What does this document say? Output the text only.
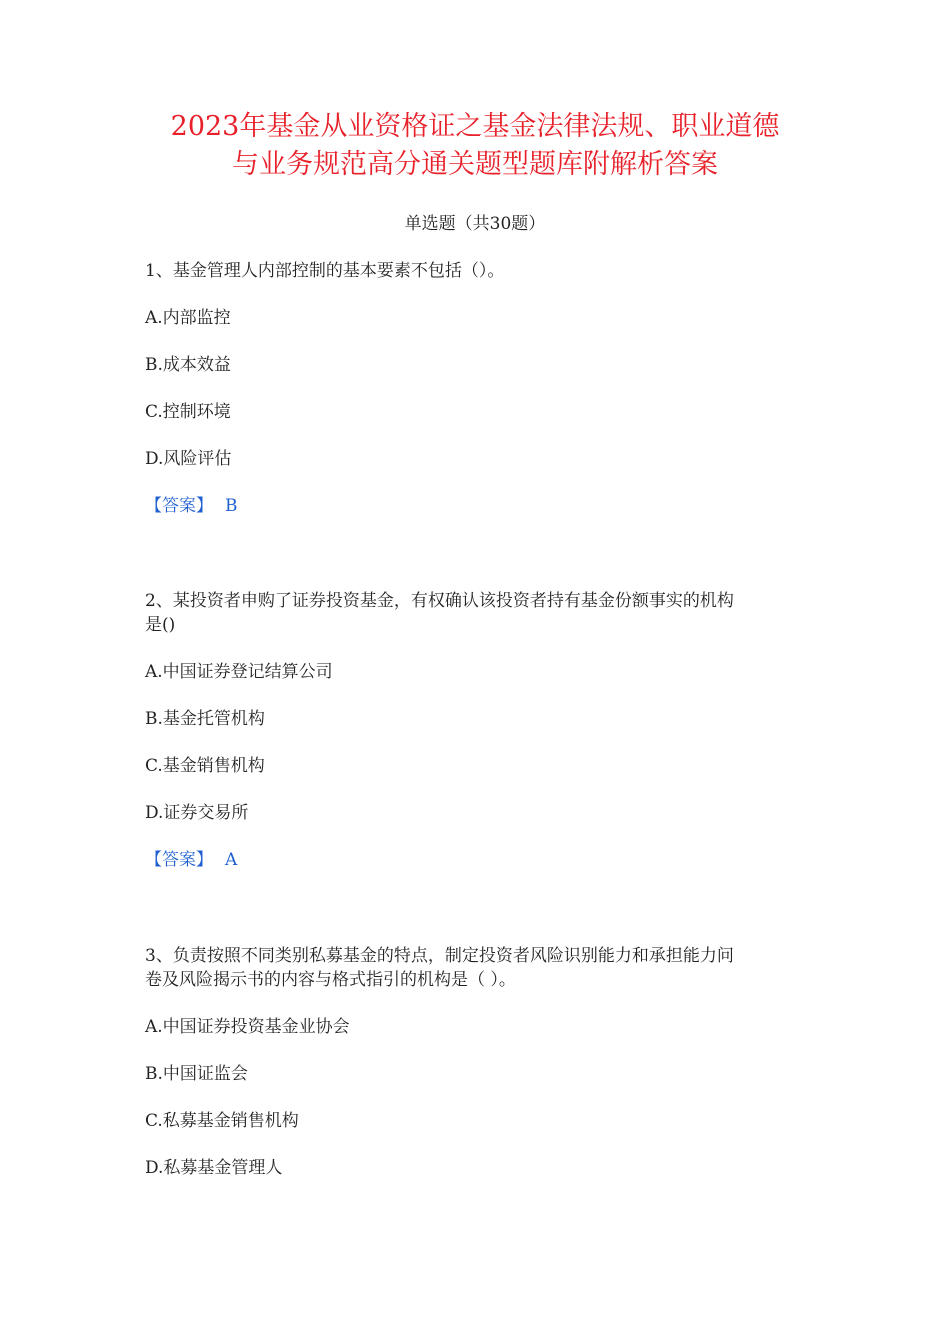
2023年基金从业资格证之基金法律法规、职业道德
与业务规范高分通关题型题库附解析答案
单选题（共30题）
1、基金管理人内部控制的基本要素不包括（）。
A.内部监控
B.成本效益
C.控制环境
D.风险评估
【答案】 B
2、某投资者申购了证券投资基金，有权确认该投资者持有基金份额事实的机构
是()
A.中国证券登记结算公司
B.基金托管机构
C.基金销售机构
D.证券交易所
【答案】 A
3、负责按照不同类别私募基金的特点，制定投资者风险识别能力和承担能力问
卷及风险揭示书的内容与格式指引的机构是（ ）。
A.中国证券投资基金业协会
B.中国证监会
C.私募基金销售机构
D.私募基金管理人
